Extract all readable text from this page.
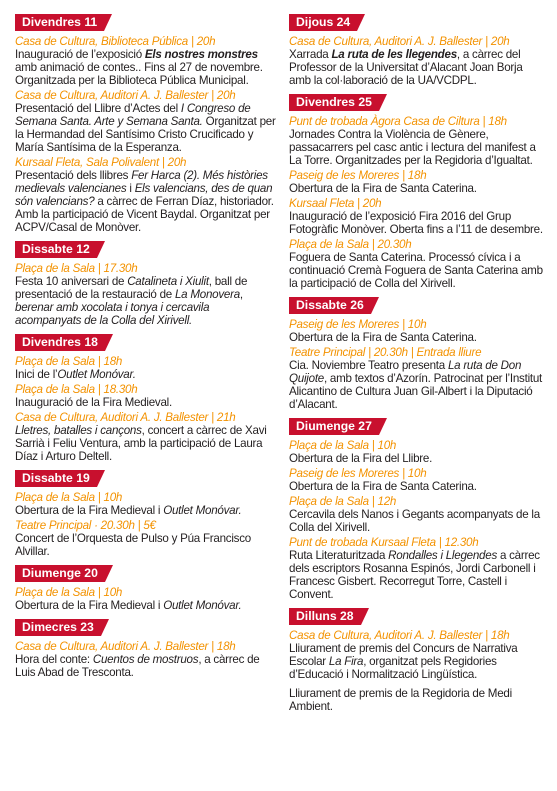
Divendres 11
Casa de Cultura, Biblioteca Pública | 20h
Inauguració de l’exposició Els nostres monstres amb animació de contes.. Fins al 27 de novembre. Organitzada per la Biblioteca Pública Municipal.
Casa de Cultura, Auditori A. J. Ballester | 20h
Presentació del Llibre d’Actes del I Congreso de Semana Santa. Arte y Semana Santa. Organitzat per la Hermandad del Santísimo Cristo Crucificado y María Santísima de la Esperanza.
Kursaal Fleta, Sala Polivalent | 20h
Presentació dels llibres Fer Harca (2). Més històries medievals valencianes i Els valencians, des de quan són valencians? a càrrec de Ferran Díaz, historiador. Amb la participació de Vicent Baydal. Organitzat per ACPV/Casal de Monòver.
Dissabte 12
Plaça de la Sala | 17.30h
Festa 10 aniversari de Catalineta i Xiulit, ball de presentació de la restauració de La Monovera, berenar amb xocolata i tonya i cercavila acompanyats de la Colla del Xirivell.
Divendres 18
Plaça de la Sala | 18h
Inici de l’Outlet Monóvar.
Plaça de la Sala | 18.30h
Inauguració de la Fira Medieval.
Casa de Cultura, Auditori A. J. Ballester | 21h
Lletres, batalles i cançons, concert a càrrec de Xavi Sarrià i Feliu Ventura, amb la participació de Laura Díaz i Arturo Deltell.
Dissabte 19
Plaça de la Sala | 10h
Obertura de la Fira Medieval i Outlet Monóvar.
Teatre Principal · 20.30h | 5€
Concert de l’Orquesta de Pulso y Púa Francisco Alvillar.
Diumenge 20
Plaça de la Sala | 10h
Obertura de la Fira Medieval i Outlet Monóvar.
Dimecres 23
Casa de Cultura, Auditori A. J. Ballester | 18h
Hora del conte: Cuentos de mostruos, a càrrec de Luis Abad de Tresconta.
Dijous 24
Casa de Cultura, Auditori A. J. Ballester | 20h
Xarrada La ruta de les llegendes, a càrrec del Professor de la Universitat d’Alacant Joan Borja amb la col·laboració de la UA/VCDPL.
Divendres 25
Punt de trobada Àgora Casa de Ciltura | 18h
Jornades Contra la Violència de Gènere, passacarrers pel casc antic i lectura del manifest a La Torre. Organitzades per la Regidoria d’Igualtat.
Paseig de les Moreres | 18h
Obertura de la Fira de Santa Caterina.
Kursaal Fleta | 20h
Inauguració de l’exposició Fira 2016 del Grup Fotogràfic Monòver. Oberta fins a l’11 de desembre.
Plaça de la Sala | 20.30h
Foguera de Santa Caterina. Processó cívica i a continuació Cremà Foguera de Santa Caterina amb la participació de Colla del Xirivell.
Dissabte 26
Paseig de les Moreres | 10h
Obertura de la Fira de Santa Caterina.
Teatre Principal | 20.30h | Entrada lliure
Cia. Noviembre Teatro presenta La ruta de Don Quijote, amb textos d’Azorín. Patrocinat per l’Institut Alicantino de Cultura Juan Gil-Albert i la Diputació d’Alacant.
Diumenge 27
Plaça de la Sala | 10h
Obertura de la Fira del Llibre.
Paseig de les Moreres | 10h
Obertura de la Fira de Santa Caterina.
Plaça de la Sala | 12h
Cercavila dels Nanos i Gegants acompanyats de la Colla del Xirivell.
Punt de trobada Kursaal Fleta | 12.30h
Ruta Literaturitzada Rondalles i Llegendes a càrrec dels escriptors Rosanna Espinós, Jordi Carbonell i Francesc Gisbert. Recorregut Torre, Castell i Convent.
Dilluns 28
Casa de Cultura, Auditori A. J. Ballester | 18h
Lliurament de premis del Concurs de Narrativa Escolar La Fira, organitzat pels Regidories d’Educació i Normalització Lingüística.
Lliurament de premis de la Regidoria de Medi Ambient.
